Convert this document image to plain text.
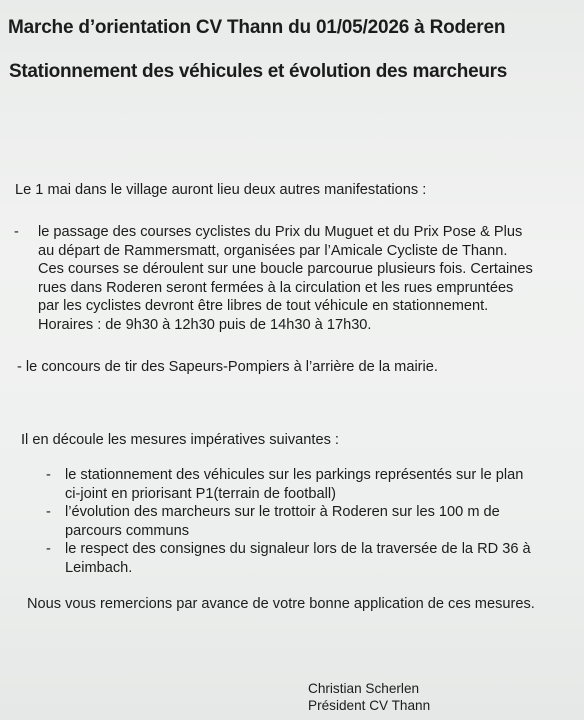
Marche d’orientation CV Thann du 01/05/2026 à Roderen
Stationnement des véhicules et évolution des marcheurs

Le 1 mai dans le village auront lieu deux autres manifestations :

- le passage des courses cyclistes du Prix du Muguet et du Prix Pose & Plus
au départ de Rammersmatt, organisées par l’Amicale Cycliste de Thann.
Ces courses se déroulent sur une boucle parcourue plusieurs fois. Certaines
rues dans Roderen seront fermées à la circulation et les rues empruntées
par les cyclistes devront être libres de tout véhicule en stationnement.
Horaires : de 9h30 à 12h30 puis de 14h30 à 17h30.

- le concours de tir des Sapeurs-Pompiers à l’arrière de la mairie.

Il en découle les mesures impératives suivantes :

- le stationnement des véhicules sur les parkings représentés sur le plan
ci-joint en priorisant P1(terrain de football)
- l’évolution des marcheurs sur le trottoir à Roderen sur les 100 m de
parcours communs
- le respect des consignes du signaleur lors de la traversée de la RD 36 à
Leimbach.

Nous vous remercions par avance de votre bonne application de ces mesures.

Christian Scherlen
Président CV Thann
